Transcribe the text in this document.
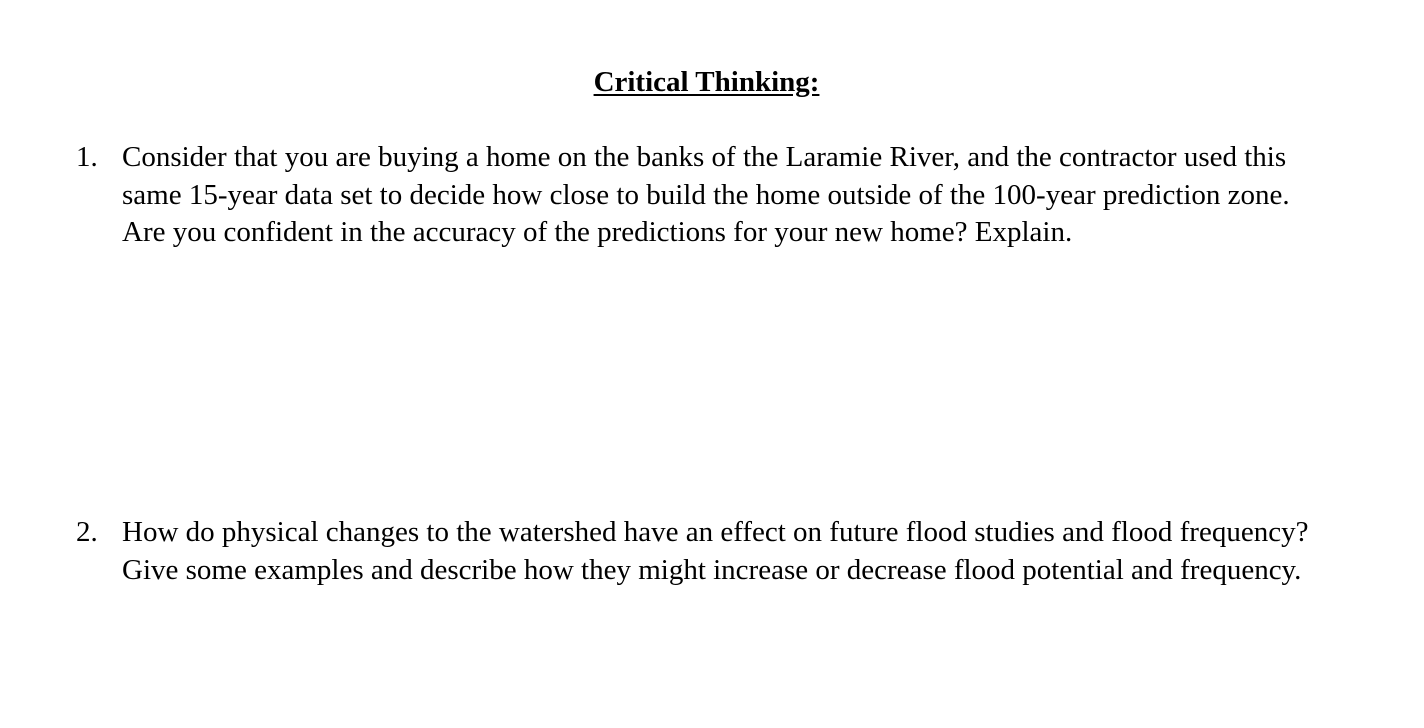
Critical Thinking:
1. Consider that you are buying a home on the banks of the Laramie River, and the contractor used this
same 15-year data set to decide how close to build the home outside of the 100-year prediction zone.
Are you confident in the accuracy of the predictions for your new home? Explain.
2. How do physical changes to the watershed have an effect on future flood studies and flood frequency?
Give some examples and describe how they might increase or decrease flood potential and frequency.
